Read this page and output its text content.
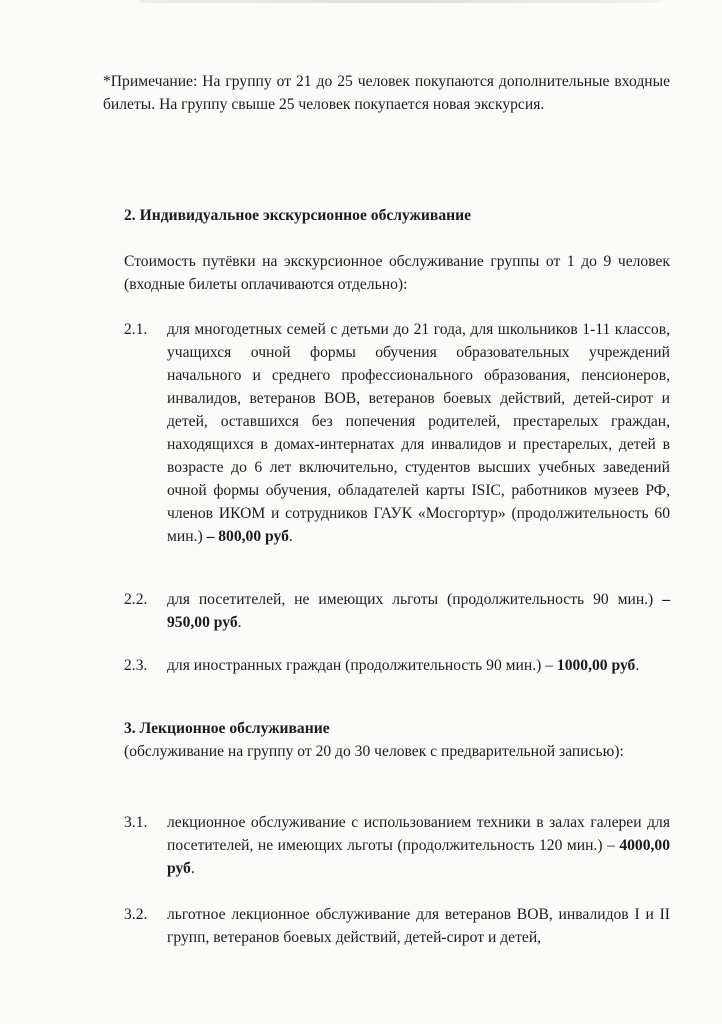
*Примечание: На группу от 21 до 25 человек покупаются дополнительные входные билеты. На группу свыше 25 человек покупается новая экскурсия.

2. Индивидуальное экскурсионное обслуживание

Стоимость путёвки на экскурсионное обслуживание группы от 1 до 9 человек (входные билеты оплачиваются отдельно):

2.1. для многодетных семей с детьми до 21 года, для школьников 1-11 классов, учащихся очной формы обучения образовательных учреждений начального и среднего профессионального образования, пенсионеров, инвалидов, ветеранов ВОВ, ветеранов боевых действий, детей-сирот и детей, оставшихся без попечения родителей, престарелых граждан, находящихся в домах-интернатах для инвалидов и престарелых, детей в возрасте до 6 лет включительно, студентов высших учебных заведений очной формы обучения, обладателей карты ISIC, работников музеев РФ, членов ИКОМ и сотрудников ГАУК «Мосгортур» (продолжительность 60 мин.) – 800,00 руб.
2.2. для посетителей, не имеющих льготы (продолжительность 90 мин.) – 950,00 руб.
2.3. для иностранных граждан (продолжительность 90 мин.) – 1000,00 руб.
3. Лекционное обслуживание

(обслуживание на группу от 20 до 30 человек с предварительной записью):

3.1. лекционное обслуживание с использованием техники в залах галереи для посетителей, не имеющих льготы (продолжительность 120 мин.) – 4000,00 руб.
3.2. льготное лекционное обслуживание для ветеранов ВОВ, инвалидов I и II групп, ветеранов боевых действий, детей-сирот и детей,
